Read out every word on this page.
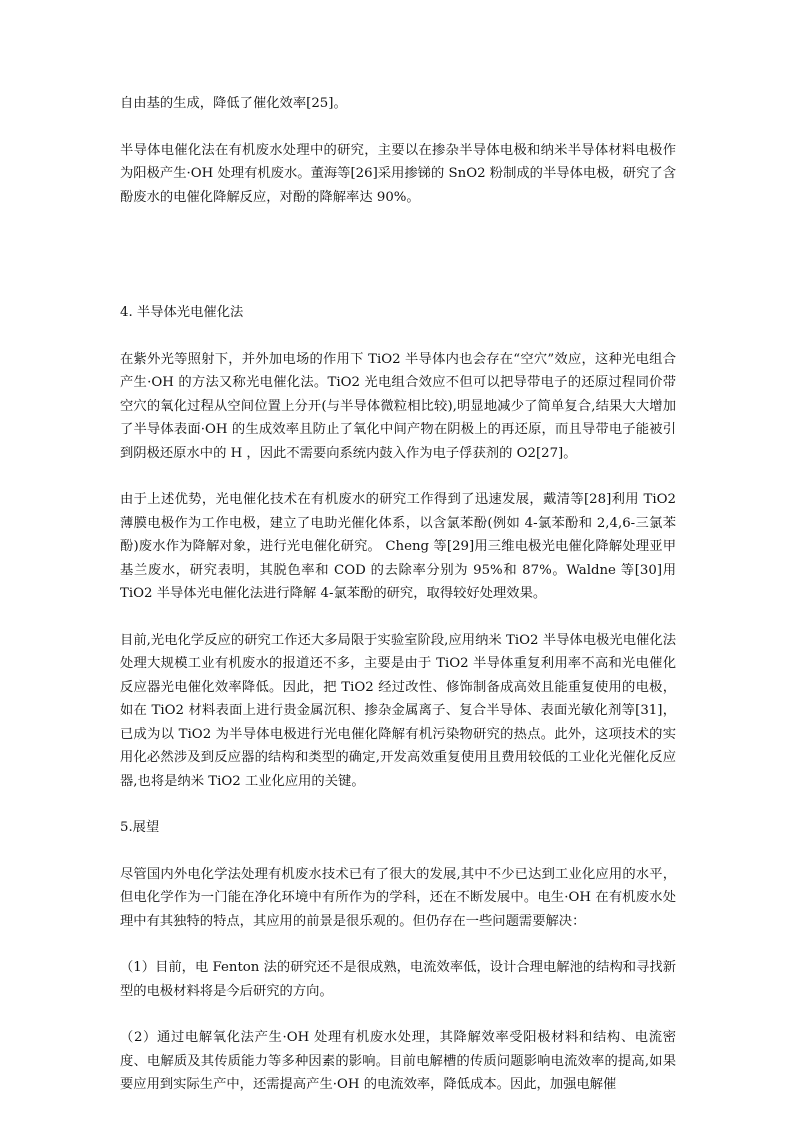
自由基的生成，降低了催化效率[25]。

半导体电催化法在有机废水处理中的研究，主要以在掺杂半导体电极和纳米半导体材料电极作为阳极产生·OH 处理有机废水。董海等[26]采用掺锑的 SnO2 粉制成的半导体电极，研究了含酚废水的电催化降解反应，对酚的降解率达 90%。

4. 半导体光电催化法

在紫外光等照射下，并外加电场的作用下 TiO2 半导体内也会存在“空穴”效应，这种光电组合产生·OH 的方法又称光电催化法。TiO2 光电组合效应不但可以把导带电子的还原过程同价带空穴的氧化过程从空间位置上分开(与半导体微粒相比较),明显地减少了简单复合,结果大大增加了半导体表面·OH 的生成效率且防止了氧化中间产物在阴极上的再还原，而且导带电子能被引到阴极还原水中的 H ，因此不需要向系统内鼓入作为电子俘获剂的 O2[27]。

由于上述优势，光电催化技术在有机废水的研究工作得到了迅速发展，戴清等[28]利用 TiO2 薄膜电极作为工作电极，建立了电助光催化体系，以含氯苯酚(例如 4-氯苯酚和 2,4,6-三氯苯酚)废水作为降解对象，进行光电催化研究。 Cheng 等[29]用三维电极光电催化降解处理亚甲基兰废水，研究表明，其脱色率和 COD 的去除率分别为 95%和 87%。Waldne 等[30]用 TiO2 半导体光电催化法进行降解 4-氯苯酚的研究，取得较好处理效果。

目前,光电化学反应的研究工作还大多局限于实验室阶段,应用纳米 TiO2 半导体电极光电催化法处理大规模工业有机废水的报道还不多，主要是由于 TiO2 半导体重复利用率不高和光电催化反应器光电催化效率降低。因此，把 TiO2 经过改性、修饰制备成高效且能重复使用的电极，如在 TiO2 材料表面上进行贵金属沉积、掺杂金属离子、复合半导体、表面光敏化剂等[31]，已成为以 TiO2 为半导体电极进行光电催化降解有机污染物研究的热点。此外，这项技术的实用化必然涉及到反应器的结构和类型的确定,开发高效重复使用且费用较低的工业化光催化反应器,也将是纳米 TiO2 工业化应用的关键。

5.展望

尽管国内外电化学法处理有机废水技术已有了很大的发展,其中不少已达到工业化应用的水平，但电化学作为一门能在净化环境中有所作为的学科，还在不断发展中。电生·OH 在有机废水处理中有其独特的特点，其应用的前景是很乐观的。但仍存在一些问题需要解决：

（1）目前，电 Fenton 法的研究还不是很成熟，电流效率低，设计合理电解池的结构和寻找新型的电极材料将是今后研究的方向。

（2）通过电解氧化法产生·OH 处理有机废水处理，其降解效率受阳极材料和结构、电流密度、电解质及其传质能力等多种因素的影响。目前电解槽的传质问题影响电流效率的提高,如果要应用到实际生产中，还需提高产生·OH 的电流效率，降低成本。因此，加强电解催
